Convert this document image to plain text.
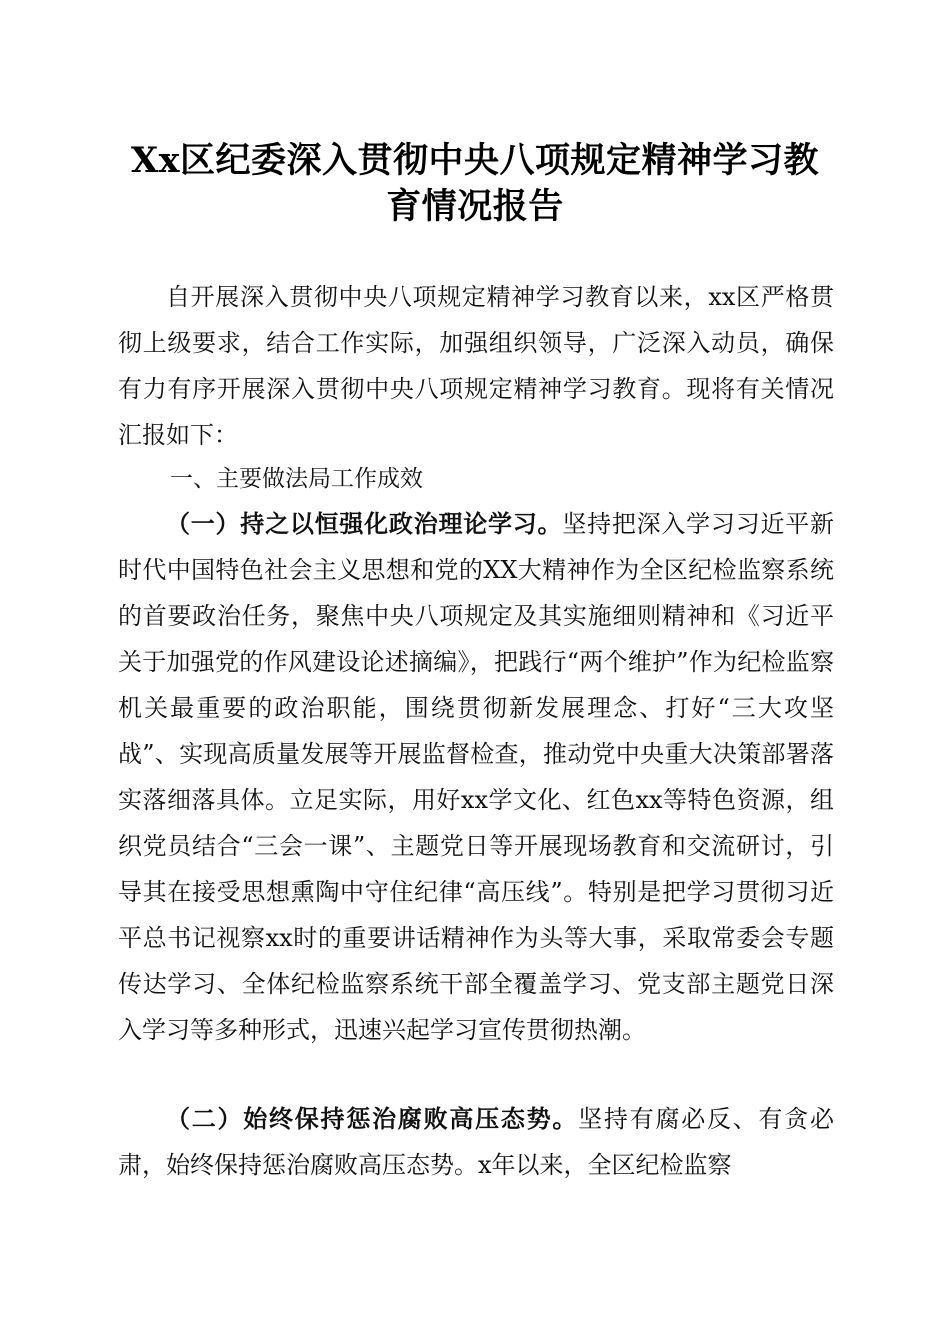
Xx区纪委深入贯彻中央八项规定精神学习教
育情况报告

自开展深入贯彻中央八项规定精神学习教育以来，xx区严格贯彻上级要求，结合工作实际，加强组织领导，广泛深入动员，确保有力有序开展深入贯彻中央八项规定精神学习教育。现将有关情况汇报如下：

一、主要做法局工作成效

（一）持之以恒强化政治理论学习。坚持把深入学习习近平新时代中国特色社会主义思想和党的XX大精神作为全区纪检监察系统的首要政治任务，聚焦中央八项规定及其实施细则精神和《习近平关于加强党的作风建设论述摘编》，把践行“两个维护”作为纪检监察机关最重要的政治职能，围绕贯彻新发展理念、打好“三大攻坚战”、实现高质量发展等开展监督检查，推动党中央重大决策部署落实落细落具体。立足实际，用好xx学文化、红色xx等特色资源，组织党员结合“三会一课”、主题党日等开展现场教育和交流研讨，引导其在接受思想熏陶中守住纪律“高压线”。特别是把学习贯彻习近平总书记视察xx时的重要讲话精神作为头等大事，采取常委会专题传达学习、全体纪检监察系统干部全覆盖学习、党支部主题党日深入学习等多种形式，迅速兴起学习宣传贯彻热潮。

（二）始终保持惩治腐败高压态势。坚持有腐必反、有贪必肃，始终保持惩治腐败高压态势。x年以来，全区纪检监察
